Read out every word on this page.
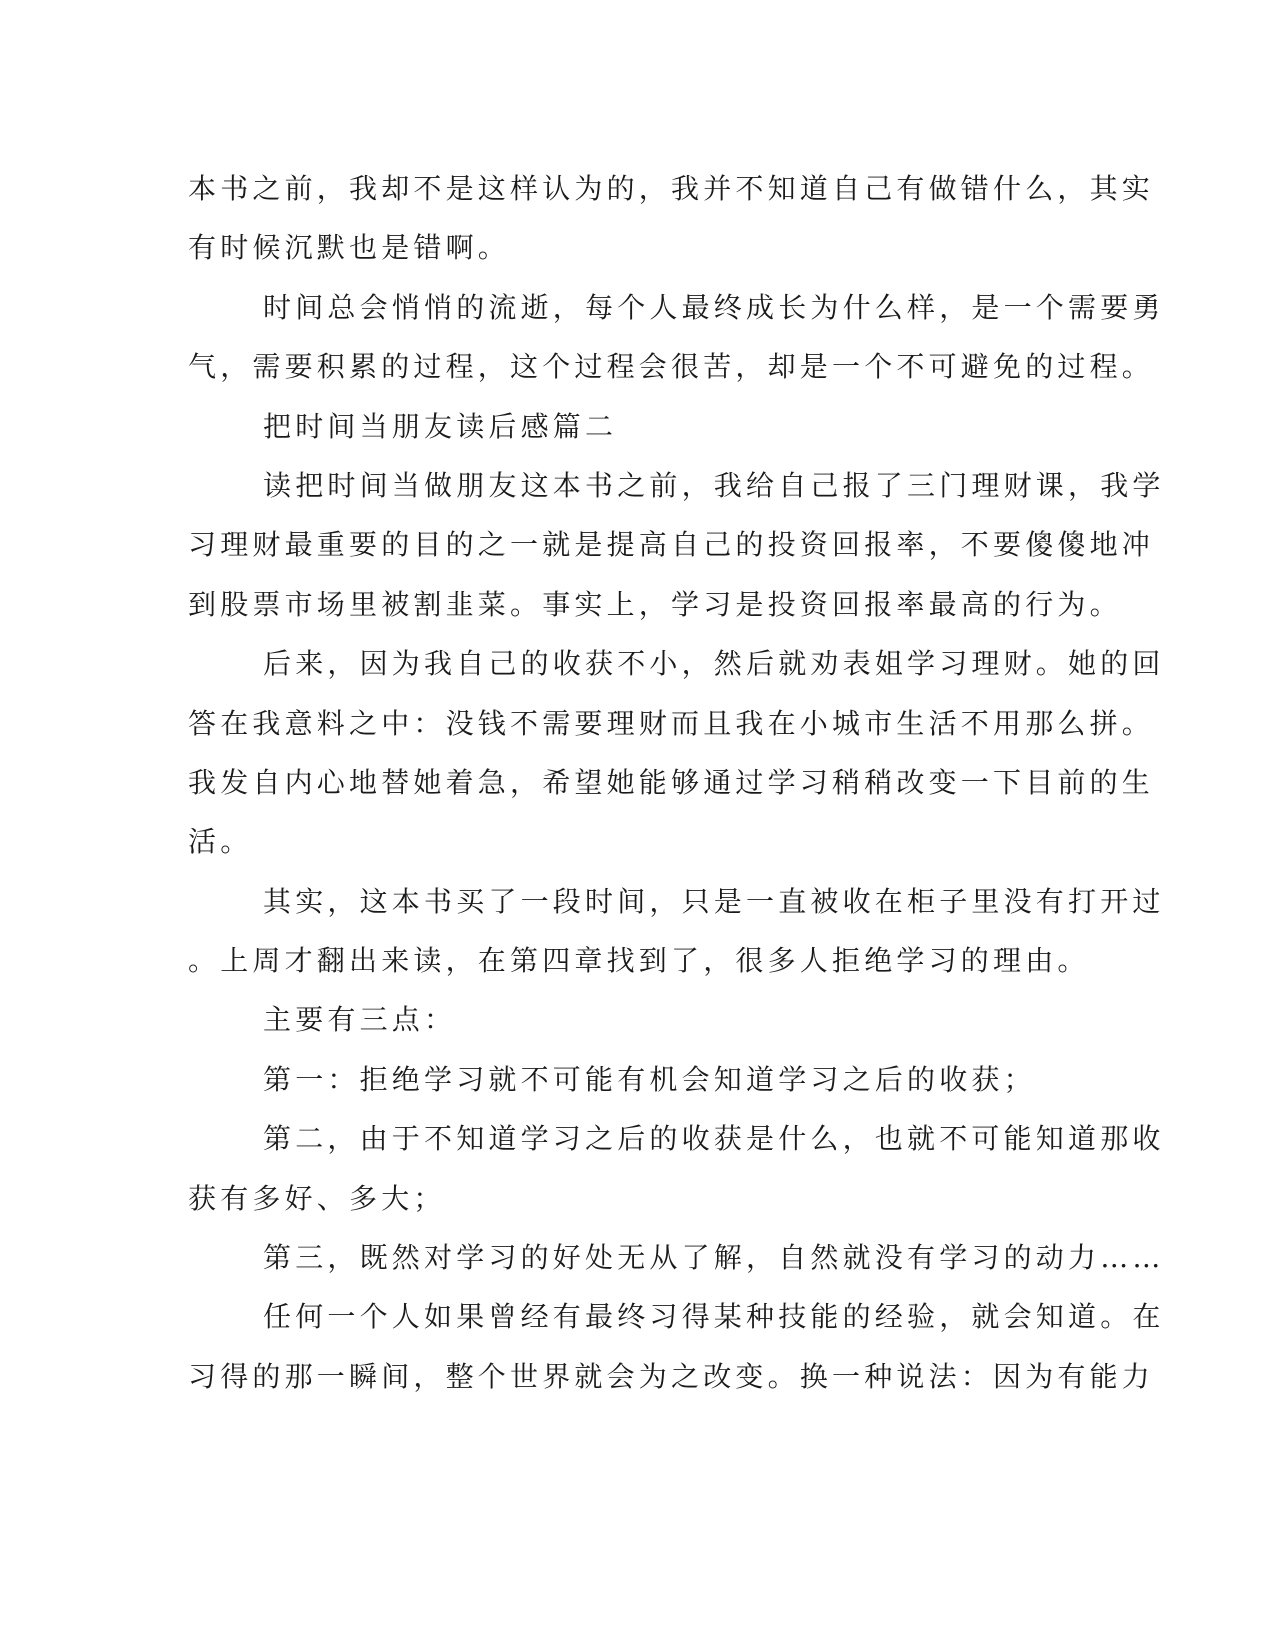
本书之前，我却不是这样认为的，我并不知道自己有做错什么，其实
有时候沉默也是错啊。
时间总会悄悄的流逝，每个人最终成长为什么样，是一个需要勇
气，需要积累的过程，这个过程会很苦，却是一个不可避免的过程。
把时间当朋友读后感篇二
读把时间当做朋友这本书之前，我给自己报了三门理财课，我学
习理财最重要的目的之一就是提高自己的投资回报率，不要傻傻地冲
到股票市场里被割韭菜。事实上，学习是投资回报率最高的行为。
后来，因为我自己的收获不小，然后就劝表姐学习理财。她的回
答在我意料之中：没钱不需要理财而且我在小城市生活不用那么拼。
我发自内心地替她着急，希望她能够通过学习稍稍改变一下目前的生
活。
其实，这本书买了一段时间，只是一直被收在柜子里没有打开过
。上周才翻出来读，在第四章找到了，很多人拒绝学习的理由。
主要有三点：
第一：拒绝学习就不可能有机会知道学习之后的收获；
第二，由于不知道学习之后的收获是什么，也就不可能知道那收
获有多好、多大；
第三，既然对学习的好处无从了解，自然就没有学习的动力……
任何一个人如果曾经有最终习得某种技能的经验，就会知道。在
习得的那一瞬间，整个世界就会为之改变。换一种说法：因为有能力
